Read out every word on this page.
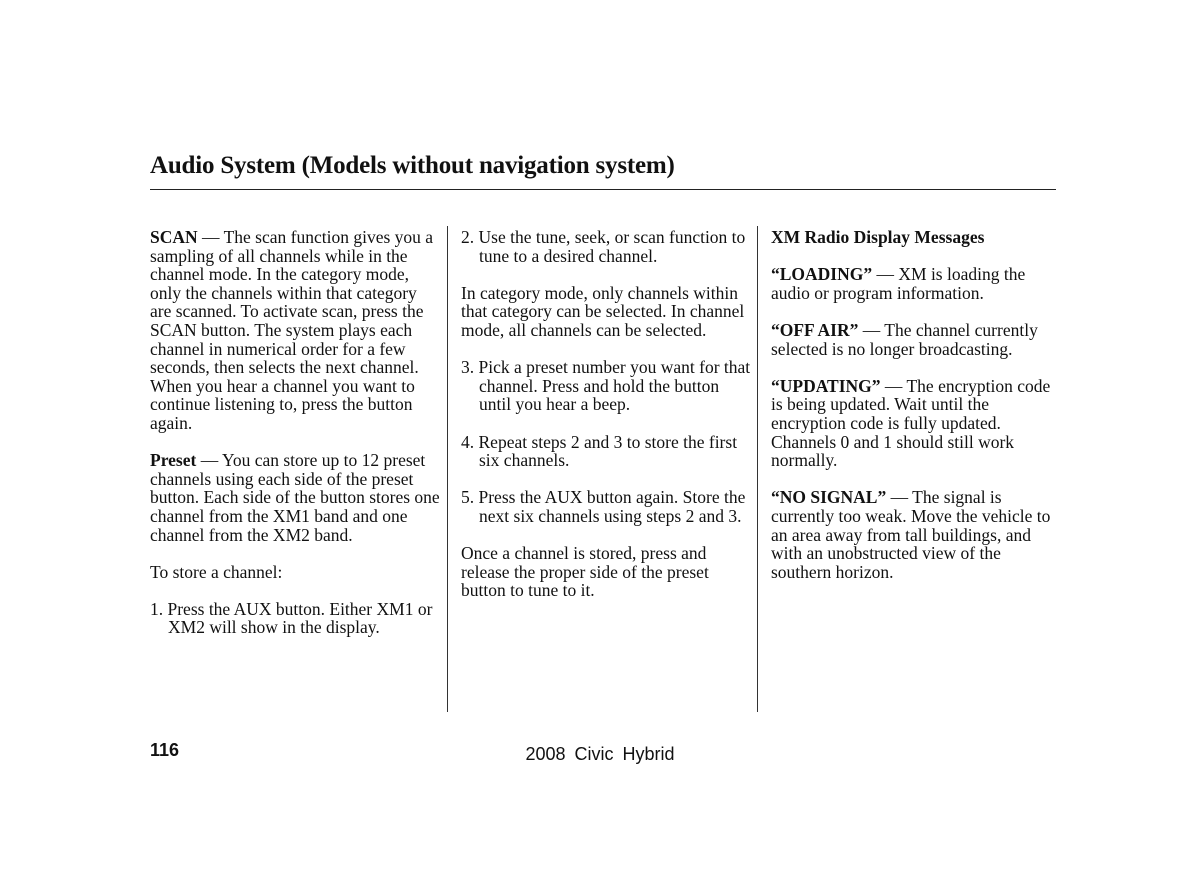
Audio System (Models without navigation system)

SCAN — The scan function gives you a sampling of all channels while in the channel mode. In the category mode, only the channels within that category are scanned. To activate scan, press the SCAN button. The system plays each channel in numerical order for a few seconds, then selects the next channel. When you hear a channel you want to continue listening to, press the button again.

Preset — You can store up to 12 preset channels using each side of the preset button. Each side of the button stores one channel from the XM1 band and one channel from the XM2 band.

To store a channel:

1. Press the AUX button. Either XM1 or XM2 will show in the display.

2. Use the tune, seek, or scan function to tune to a desired channel.

In category mode, only channels within that category can be selected. In channel mode, all channels can be selected.

3. Pick a preset number you want for that channel. Press and hold the button until you hear a beep.

4. Repeat steps 2 and 3 to store the first six channels.

5. Press the AUX button again. Store the next six channels using steps 2 and 3.

Once a channel is stored, press and release the proper side of the preset button to tune to it.

XM Radio Display Messages

“LOADING” — XM is loading the audio or program information.

“OFF AIR” — The channel currently selected is no longer broadcasting.

“UPDATING” — The encryption code is being updated. Wait until the encryption code is fully updated. Channels 0 and 1 should still work normally.

“NO SIGNAL” — The signal is currently too weak. Move the vehicle to an area away from tall buildings, and with an unobstructed view of the southern horizon.

116	2008 Civic Hybrid
